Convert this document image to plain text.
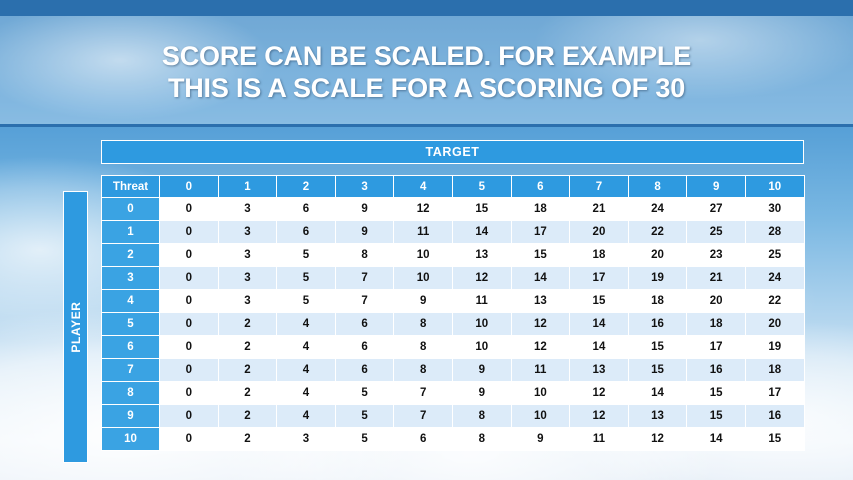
SCORE CAN BE SCALED. FOR EXAMPLE
THIS IS A SCALE FOR A SCORING OF 30
TARGET
PLAYER
Threat	0	1	2	3	4	5	6	7	8	9	10
0	0	3	6	9	12	15	18	21	24	27	30
1	0	3	6	9	11	14	17	20	22	25	28
2	0	3	5	8	10	13	15	18	20	23	25
3	0	3	5	7	10	12	14	17	19	21	24
4	0	3	5	7	9	11	13	15	18	20	22
5	0	2	4	6	8	10	12	14	16	18	20
6	0	2	4	6	8	10	12	14	15	17	19
7	0	2	4	6	8	9	11	13	15	16	18
8	0	2	4	5	7	9	10	12	14	15	17
9	0	2	4	5	7	8	10	12	13	15	16
10	0	2	3	5	6	8	9	11	12	14	15
